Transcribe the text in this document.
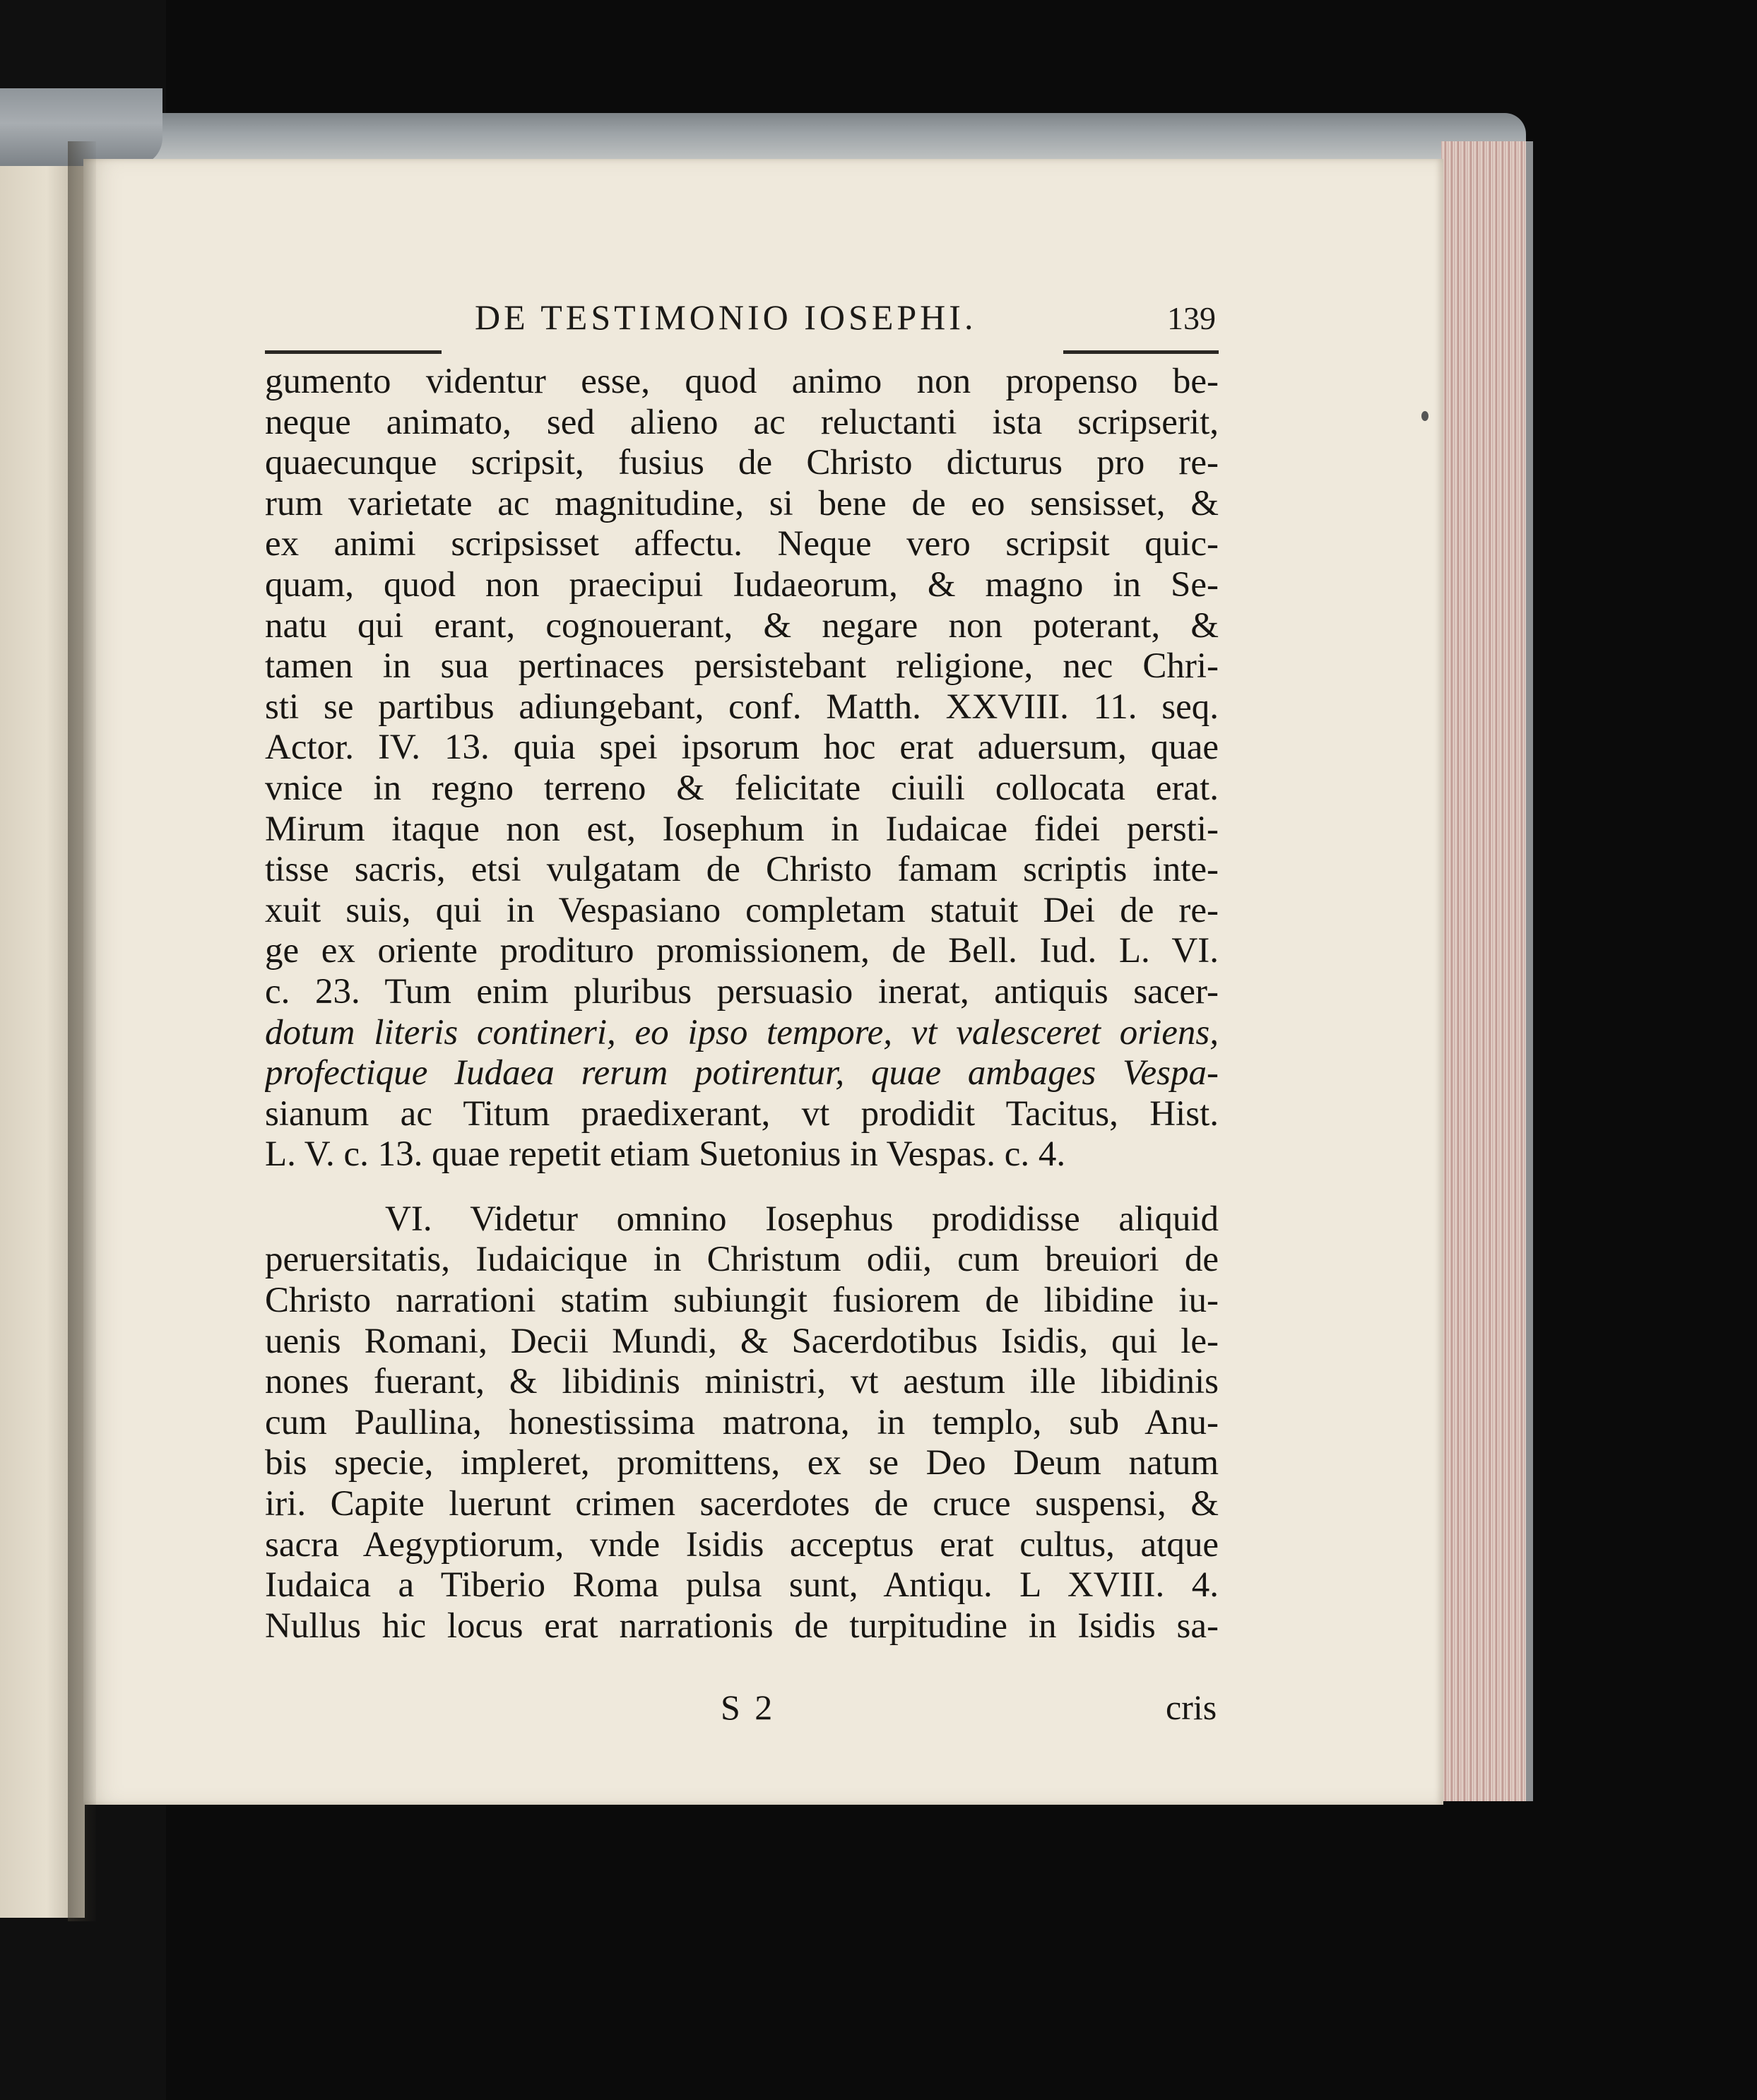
DE TESTIMONIO IOSEPHI.	139
gumento videntur esse, quod animo non propenso be-
neque animato, sed alieno ac reluctanti ista scripserit,
quaecunque scripsit, fusius de Christo dicturus pro re-
rum varietate ac magnitudine, si bene de eo sensisset, &
ex animi scripsisset affectu. Neque vero scripsit quic-
quam, quod non praecipui Iudaeorum, & magno in Se-
natu qui erant, cognouerant, & negare non poterant, &
tamen in sua pertinaces persistebant religione, nec Chri-
sti se partibus adiungebant, conf. Matth. XXVIII. 11. seq.
Actor. IV. 13. quia spei ipsorum hoc erat aduersum, quae
vnice in regno terreno & felicitate ciuili collocata erat.
Mirum itaque non est, Iosephum in Iudaicae fidei persti-
tisse sacris, etsi vulgatam de Christo famam scriptis inte-
xuit suis, qui in Vespasiano completam statuit Dei de re-
ge ex oriente prodituro promissionem, de Bell. Iud. L. VI.
c. 23. Tum enim pluribus persuasio inerat, antiquis sacer-
dotum literis contineri, eo ipso tempore, vt valesceret oriens,
profectique Iudaea rerum potirentur, quae ambages Vespa-
sianum ac Titum praedixerant, vt prodidit Tacitus, Hist.
L. V. c. 13. quae repetit etiam Suetonius in Vespas. c. 4.
VI. Videtur omnino Iosephus prodidisse aliquid
peruersitatis, Iudaicique in Christum odii, cum breuiori de
Christo narrationi statim subiungit fusiorem de libidine iu-
uenis Romani, Decii Mundi, & Sacerdotibus Isidis, qui le-
nones fuerant, & libidinis ministri, vt aestum ille libidinis
cum Paullina, honestissima matrona, in templo, sub Anu-
bis specie, impleret, promittens, ex se Deo Deum natum
iri. Capite luerunt crimen sacerdotes de cruce suspensi, &
sacra Aegyptiorum, vnde Isidis acceptus erat cultus, atque
Iudaica a Tiberio Roma pulsa sunt, Antiqu. L XVIII. 4.
Nullus hic locus erat narrationis de turpitudine in Isidis sa-
S 2	cris
